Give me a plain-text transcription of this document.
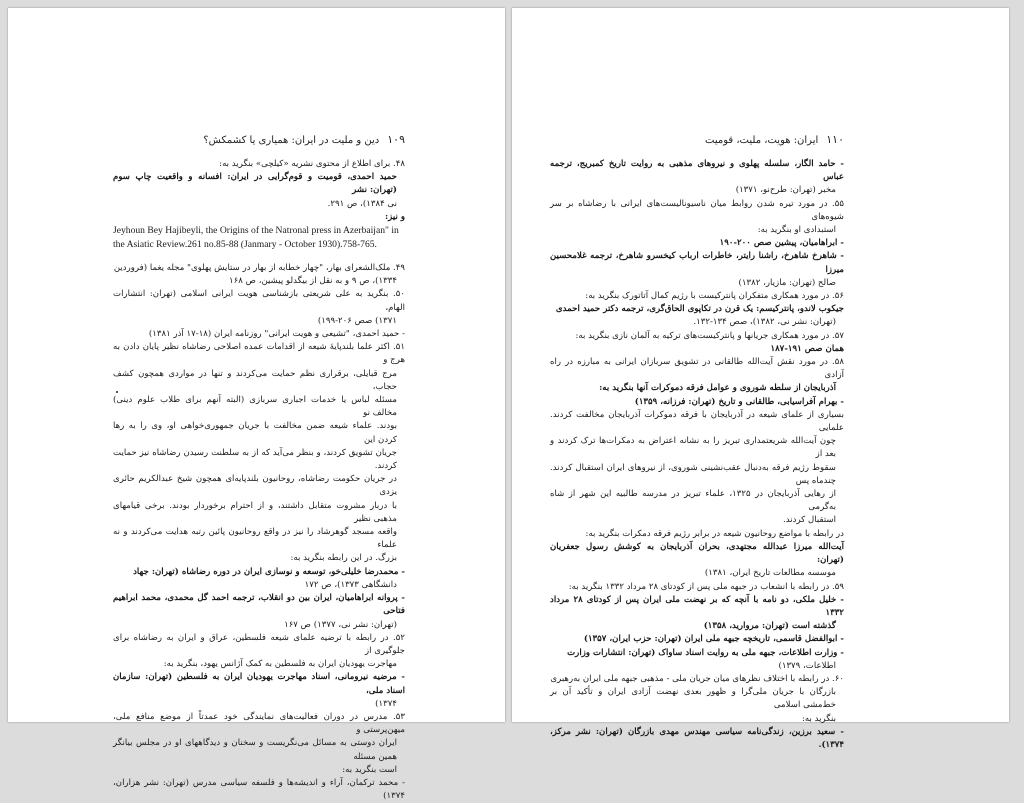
۱۰۹
دین و ملیت در ایران: همیاری یا کشمکش؟
۴۸. برای اطلاع از محتوی نشریه «کیلچی» بنگرید به:
حمید احمدی، قومیت و قوم‌گرایی در ایران: افسانه و واقعیت چاپ سوم (تهران: نشر
نی ۱۳۸۴)، ص ۲۹۱.
و نیز:
Jeyhoun Bey Hajibeyli, the Origins of the Natronal press in Azerbaijan" in
the Asiatic Review.261 no.85-88 (Janmary - October 1930).758-765.
۴۹. ملک‌الشعرای بهار، "چهار خطابه از بهار در ستایش پهلوی" مجله یغما (فروردین
۱۳۳۴)، ص ۹ و به نقل از بیگدلو پیشین، ص ۱۶۸
۵۰. بنگرید به علی شریعتی بازشناسی هویت ایرانی اسلامی (تهران: انتشارات الهام،
۱۳۷۱) صص ۲۰۶-۱۹۹)
- حمید احمدی، "تشیعی و هویت ایرانی" روزنامه ایران (۱۸-۱۷ آذر ۱۳۸۱)
۵۱. اکثر علما بلندپایهٔ شیعه از اقدامات عمده اصلاحی رضاشاه نظیر پایان دادن به هرج و
مرج قبایلی، برقراری نظم حمایت می‌کردند و تنها در مواردی همچون کشف حجاب،
مسئله لباس یا خدمات اجباری سربازی (البته آنهم برای طلاب علوم دینی) مخالف نو
بودند. علماء شیعه ضمن مخالفت با جریان جمهوری‌خواهی او، وی را به رها کردن این
جریان تشویق کردند، و بنظر می‌آید که از به سلطنت رسیدن رضاشاه نیز حمایت کردند.
در جریان حکومت رضاشاه، روحانیون بلندپایه‌ای همچون شیخ عبدالکریم حائری یزدی
با دربار مشروت متقابل داشتند، و از احترام برخوردار بودند. برخی قیامهای مذهبی نظیر
واقعه مسجد گوهرشاد را نیز در واقع روحانیون پائین رتبه هدایت می‌کردند و نه علماء
بزرگ. در این رابطه بنگرید به:
- محمدرضا خلیلی‌خو، توسعه و نوسازی ایران در دوره رضاشاه (تهران: جهاد
دانشگاهی ۱۳۷۳)، ص ۱۷۲
- پروانه ابراهامیان، ایران بین دو انقلاب، ترجمه احمد گل محمدی، محمد ابراهیم فتاحی
(تهران: نشر نی، ۱۳۷۷) ص ۱۶۷
۵۲. در رابطه با ترضیه علمای شیعه فلسطین، عراق و ایران به رضاشاه برای جلوگیری از
مهاجرت یهودیان ایران به فلسطین به کمک آژانس یهود، بنگرید به:
- مرضیه نیرومانی، اسناد مهاجرت یهودیان ایران به فلسطین (تهران: سازمان اسناد ملی،
۱۳۷۴)
۵۳. مدرس در دوران فعالیت‌های نمایندگی خود عمدتاً از موضع منافع ملی، میهن‌پرستی و
ایران دوستی به مسائل می‌نگریست و سخنان و دیدگاههای او در مجلس بیانگر همین مسئله
است بنگرید به:
- محمد ترکمان، آراء و اندیشه‌ها و فلسفه سیاسی مدرس (تهران: نشر هزاران، ۱۳۷۴)
۱۱۰
ایران: هویت، ملیت، قومیت
- حامد الگار، سلسله پهلوی و نیروهای مذهبی به روایت تاریخ کمبریج، ترجمه عباس
مخبر (تهران: طرح‌نو، ۱۳۷۱)
۵۵. در مورد تیره شدن روابط میان ناسیونالیست‌های ایرانی با رضاشاه بر سر شیوه‌های
استبدادی او بنگرید به:
- ابراهامیان، پیشین صص ۲۰۰-۱۹۰
- شاهرخ شاهرخ، راشنا رایتر، خاطرات ارباب کیخسرو شاهرخ، ترجمه غلامحسین میرزا
صالح (تهران: مازیار، ۱۳۸۲)
۵۶. در مورد همکاری متفکران پانترکیست با رژیم کمال آتاتورک بنگرید به:
جیکوب لاندو، پانترکیسم: یک قرن در تکاپوی الحاق‌گری، ترجمه دکتر حمید احمدی
(تهران: نشر نی، ۱۳۸۲)، صص ۱۳۴-۱۳۲.
۵۷. در مورد همکاری جریانها و پانترکیست‌های ترکیه به آلمان نازی بنگرید به:
همان صص ۱۹۱-۱۸۷
۵۸. در مورد نقش آیت‌الله طالقانی در تشویق سربازان ایرانی به مبارزه در راه آزادی
آذربایجان از سلطه شوروی و عوامل فرقه دموکرات آنها بنگرید به:
- بهرام آفراسیابی، طالقانی و تاریخ (تهران: فرزانه، ۱۳۵۹)
بسیاری از علمای شیعه در آذربایجان با فرقه دموکرات آذربایجان مخالفت کردند. علمایی
چون آیت‌الله شریعتمداری تبریز را به نشانه اعتراض به دمکرات‌ها ترک کردند و بعد از
سقوط رژیم فرقه به‌دنبال عقب‌نشینی شوروی، از نیروهای ایران استقبال کردند. چندماه پس
از رهایی آذربایجان در ۱۳۲۵، علماء تبریز در مدرسه طالبیه این شهر از شاه به‌گرمی
استقبال کردند.
در رابطه با مواضع روحانیون شیعه در برابر رژیم فرقه دمکرات بنگرید به:
آیت‌الله میرزا عبدالله مجتهدی، بحران آذربایجان به کوشش رسول جعفریان (تهران:
موسسه مطالعات تاریخ ایران، ۱۳۸۱)
۵۹. در رابطه با انشعاب در جبهه ملی پس از کودتای ۲۸ مرداد ۱۳۳۲ بنگرید به:
- خلیل ملکی، دو نامه با آنچه که بر نهضت ملی ایران پس از کودتای ۲۸ مرداد ۱۳۳۲
گذشته است (تهران: مروارید، ۱۳۵۸)
- ابوالفضل قاسمی، تاریخچه جبهه ملی ایران (تهران: حزب ایران، ۱۳۵۷)
- وزارت اطلاعات، جبهه ملی به روایت اسناد ساواک (تهران: انتشارات وزارت
اطلاعات، ۱۳۷۹)
۶۰. در رابطه با اختلاف نظرهای میان جریان ملی - مذهبی جبهه ملی ایران به‌رهبری
بازرگان با جریان ملی‌گرا و ظهور بعدی نهضت آزادی ایران و تأکید آن بر خط‌مشی اسلامی
بنگرید به:
- سعید برزین، زندگی‌نامه سیاسی مهندس مهدی بازرگان (تهران: نشر مرکز، ۱۳۷۴).
